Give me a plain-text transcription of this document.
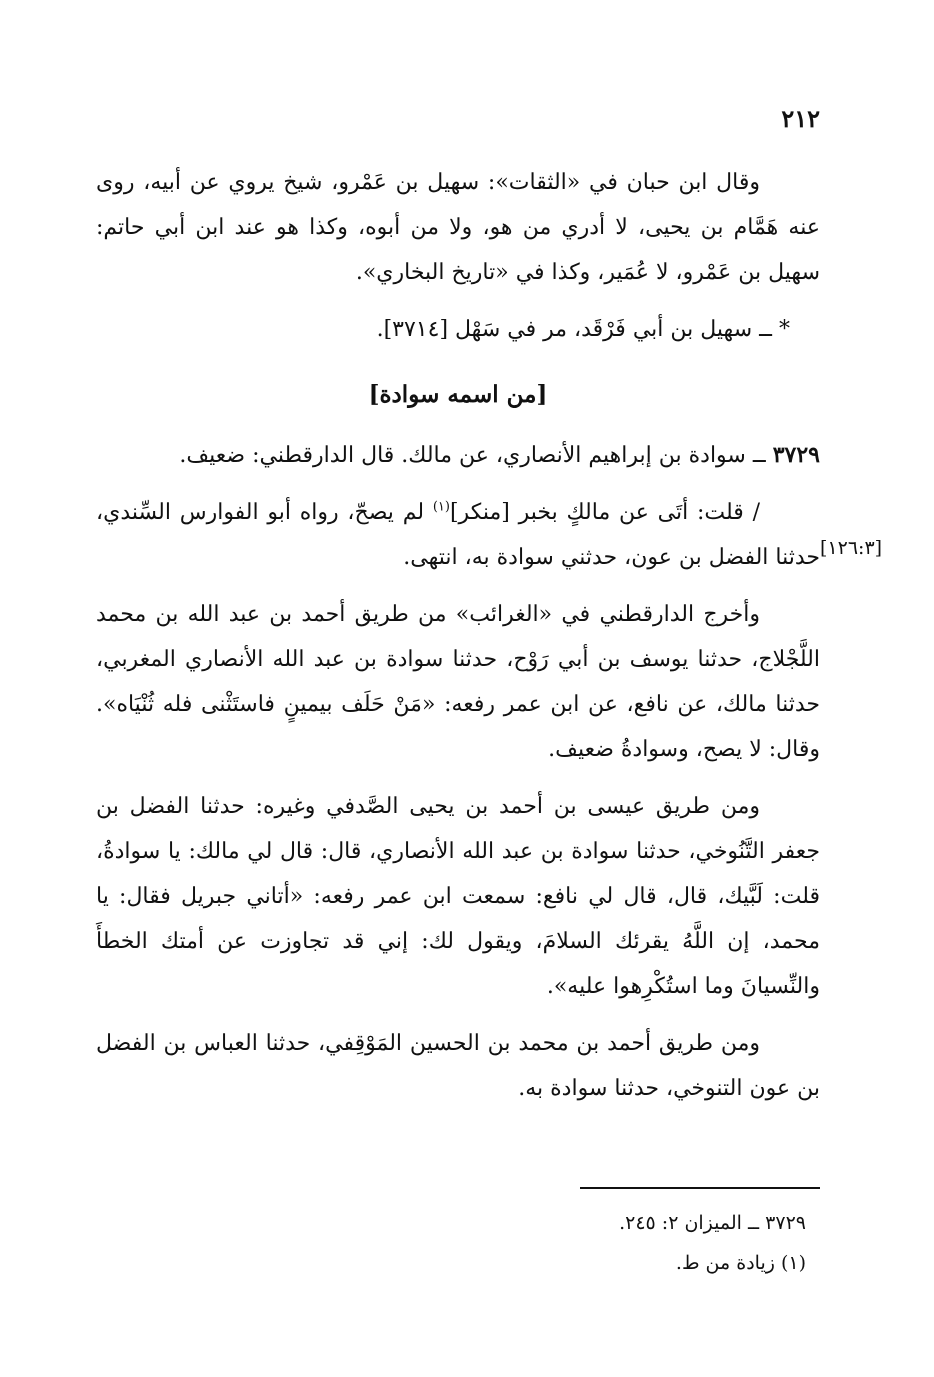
٢١٢
[١٢٦:٣]

وقال ابن حبان في «الثقات»: سهيل بن عَمْرو، شيخ يروي عن أبيه، روى عنه هَمَّام بن يحيى، لا أدري من هو، ولا من أبوه، وكذا هو عند ابن أبي حاتم: سهيل بن عَمْرو، لا عُمَير، وكذا في «تاريخ البخاري».

* ــ سهيل بن أبي فَرْقَد، مر في سَهْل [٣٧١٤].

[من اسمه سوادة]

٣٧٢٩ ــ سوادة بن إبراهيم الأنصاري، عن مالك. قال الدارقطني: ضعيف.

/ قلت: أتَى عن مالكٍ بخبر [منكر]$^{(١)}$ لم يصحّ، رواه أبو الفوارس السِّندي، حدثنا الفضل بن عون، حدثني سوادة به، انتهى.

وأخرج الدارقطني في «الغرائب» من طريق أحمد بن عبد الله بن محمد اللَّجْلاج، حدثنا يوسف بن أبي رَوْح، حدثنا سوادة بن عبد الله الأنصاري المغربي، حدثنا مالك، عن نافع، عن ابن عمر رفعه: «مَنْ حَلَف بيمينٍ فاستَثْنى فله ثُنْيَاه». وقال: لا يصح، وسوادةُ ضعيف.

ومن طريق عيسى بن أحمد بن يحيى الصَّدفي وغيره: حدثنا الفضل بن جعفر التَّنُوخي، حدثنا سوادة بن عبد الله الأنصاري، قال: قال لي مالك: يا سوادةُ، قلت: لَبَّيك، قال، قال لي نافع: سمعت ابن عمر رفعه: «أتاني جبريل فقال: يا محمد، إن اللَّهُ يقرئك السلامَ، ويقول لك: إني قد تجاوزت عن أمتك الخطأَ والنِّسيانَ وما استُكْرِهوا عليه».

ومن طريق أحمد بن محمد بن الحسين المَوْقِفي، حدثنا العباس بن الفضل بن عون التنوخي، حدثنا سوادة به.

٣٧٢٩ ــ الميزان ٢: ٢٤٥.
(١) زيادة من ط.
